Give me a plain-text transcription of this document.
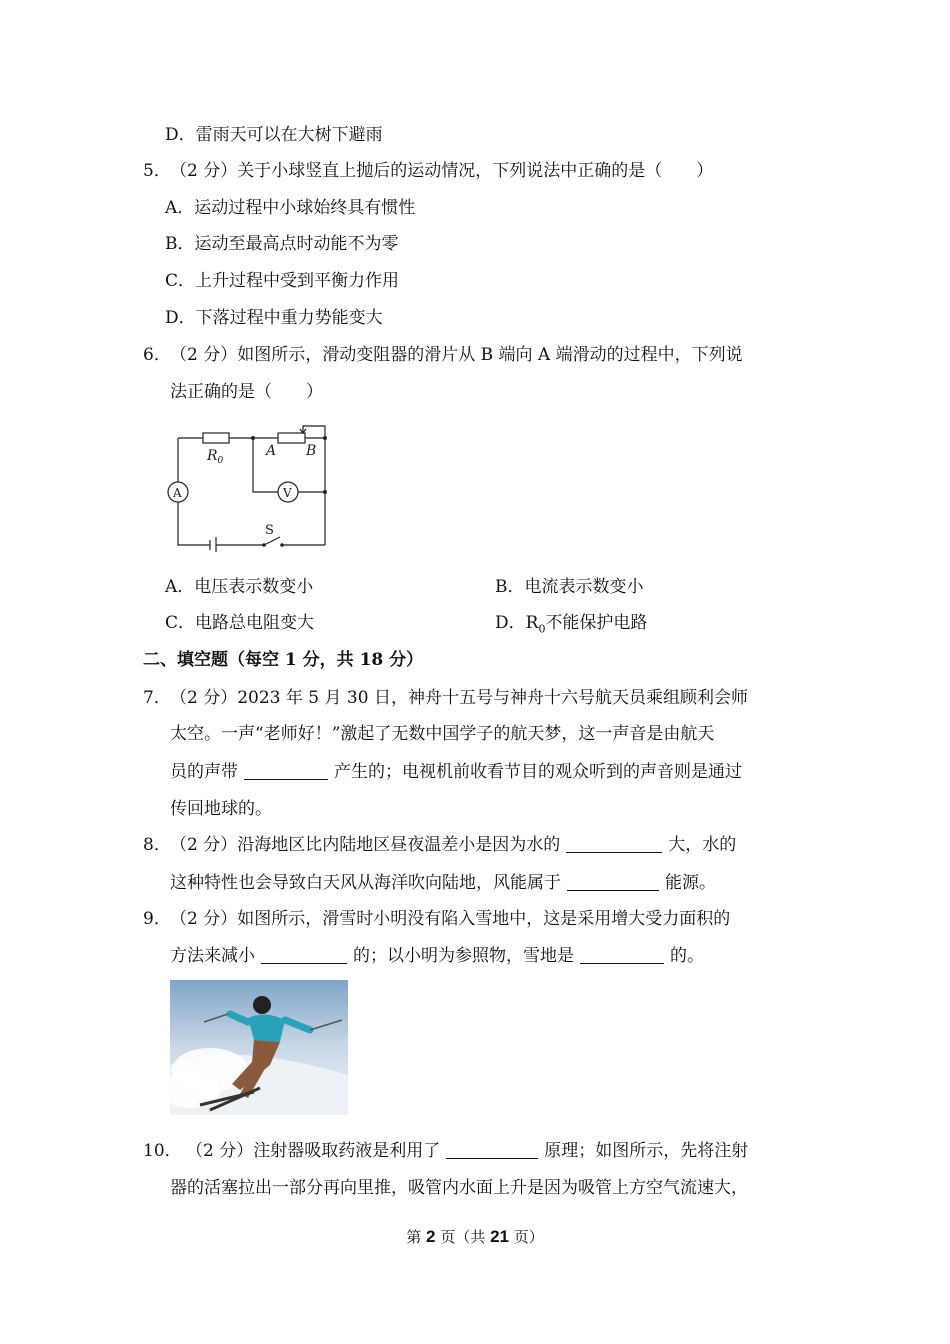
D．雷雨天可以在大树下避雨
5． （2 分）关于小球竖直上抛后的运动情况，下列说法中正确的是（　　）
A．运动过程中小球始终具有惯性
B．运动至最高点时动能不为零
C．上升过程中受到平衡力作用
D．下落过程中重力势能变大
6． （2 分）如图所示，滑动变阻器的滑片从 B 端向 A 端滑动的过程中，下列说
法正确的是（　　）
$R_0$
A B
A	V
S
A．电压表示数变小	B．电流表示数变小
C．电路总电阻变大	D．$R_0$不能保护电路
二、填空题（每空 1 分，共 18 分）
7． （2 分）2023 年 5 月 30 日，神舟十五号与神舟十六号航天员乘组顾利会师
太空。一声“老师好！”激起了无数中国学子的航天梦，这一声音是由航天
员的声带	产生的；电视机前收看节目的观众听到的声音则是通过
传回地球的。
8． （2 分）沿海地区比内陆地区昼夜温差小是因为水的	大，水的
这种特性也会导致白天风从海洋吹向陆地，风能属于	能源。
9． （2 分）如图所示，滑雪时小明没有陷入雪地中，这是采用增大受力面积的
方法来减小	的；以小明为参照物，雪地是	的。
10． （2 分）注射器吸取药液是利用了	原理；如图所示，先将注射
器的活塞拉出一部分再向里推，吸管内水面上升是因为吸管上方空气流速大，
第 2 页（共 21 页）
